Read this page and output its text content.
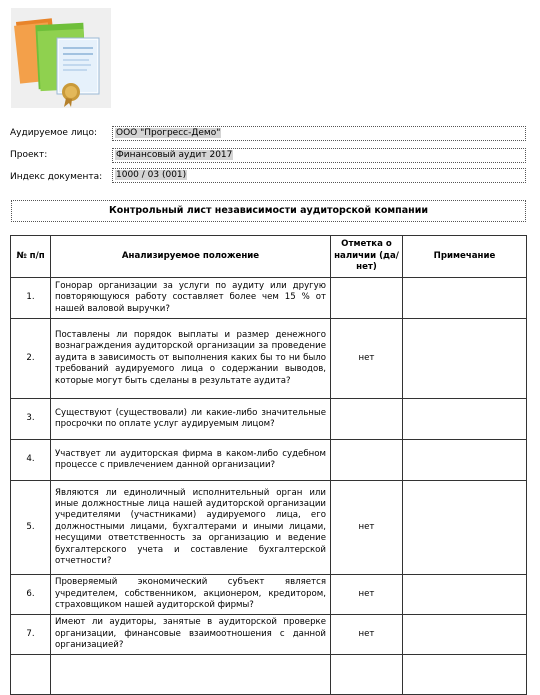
Аудируемое лицо:	ООО "Прогресс-Демо"
Проект:	Финансовый аудит 2017
Индекс документа:	1000 / 03 (001)
Контрольный лист независимости аудиторской компании
№ п/п	Анализируемое положение	Отметка о наличии (да/нет)	Примечание
1.	Гонорар организации за услуги по аудиту или другую повторяющуюся работу составляет более чем 15 % от нашей валовой выручки?		
2.	Поставлены ли порядок выплаты и размер денежного вознаграждения аудиторской организации за проведение аудита в зависимость от выполнения каких бы то ни было требований аудируемого лица о содержании выводов, которые могут быть сделаны в результате аудита?	нет	
3.	Существуют (существовали) ли какие-либо значительные просрочки по оплате услуг аудируемым лицом?		
4.	Участвует ли аудиторская фирма в каком-либо судебном процессе с привлечением данной организации?		
5.	Являются ли единоличный исполнительный орган или иные должностные лица нашей аудиторской организации учредителями (участниками) аудируемого лица, его должностными лицами, бухгалтерами и иными лицами, несущими ответственность за организацию и ведение бухгалтерского учета и составление бухгалтерской отчетности?	нет	
6.	Проверяемый экономический субъект является учредителем, собственником, акционером, кредитором, страховщиком нашей аудиторской фирмы?	нет	
7.	Имеют ли аудиторы, занятые в аудиторской проверке организации, финансовые взаимоотношения с данной организацией?	нет	
